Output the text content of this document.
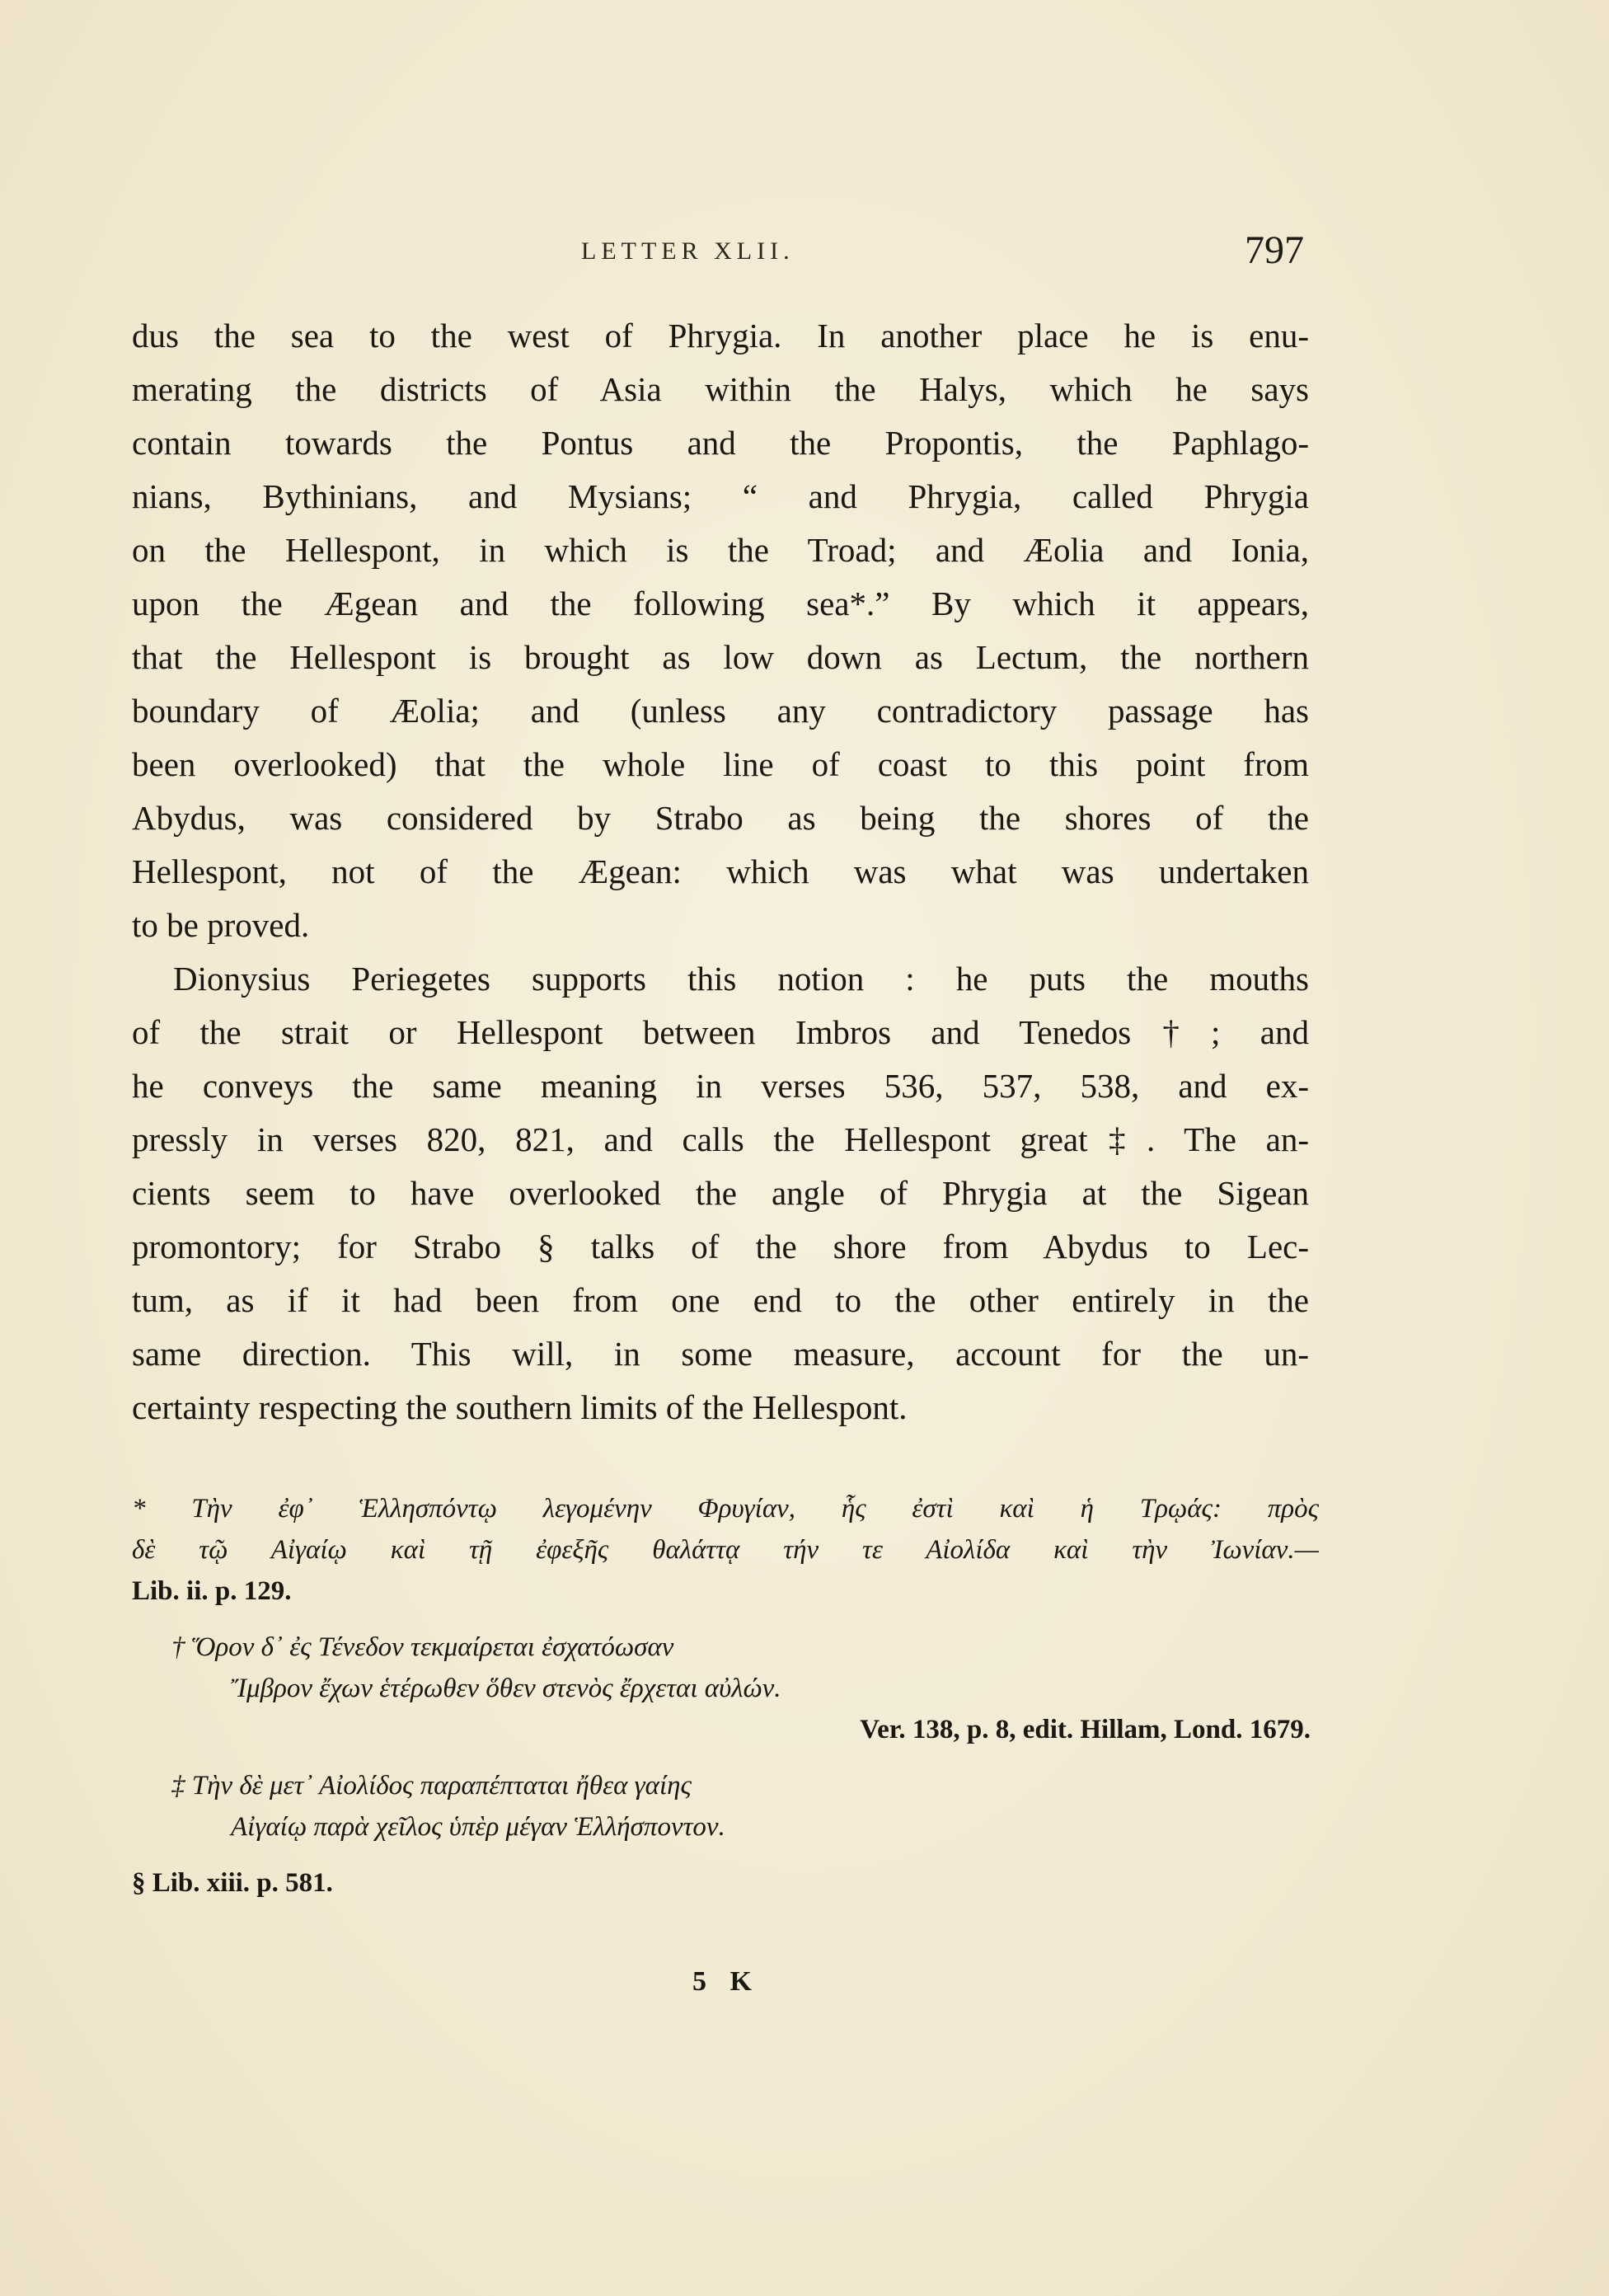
LETTER XLII.	797
dus the sea to the west of Phrygia. In another place he is enu-
merating the districts of Asia within the Halys, which he says
contain towards the Pontus and the Propontis, the Paphlago-
nians, Bythinians, and Mysians; “ and Phrygia, called Phrygia
on the Hellespont, in which is the Troad; and Æolia and Ionia,
upon the Ægean and the following sea*.” By which it appears,
that the Hellespont is brought as low down as Lectum, the northern
boundary of Æolia; and (unless any contradictory passage has
been overlooked) that the whole line of coast to this point from
Abydus, was considered by Strabo as being the shores of the
Hellespont, not of the Ægean: which was what was undertaken
to be proved.
Dionysius Periegetes supports this notion : he puts the mouths
of the strait or Hellespont between Imbros and Tenedos†; and
he conveys the same meaning in verses 536, 537, 538, and ex-
pressly in verses 820, 821, and calls the Hellespont great‡. The an-
cients seem to have overlooked the angle of Phrygia at the Sigean
promontory; for Strabo § talks of the shore from Abydus to Lec-
tum, as if it had been from one end to the other entirely in the
same direction. This will, in some measure, account for the un-
certainty respecting the southern limits of the Hellespont.
* Τὴν ἐφ᾽ Ἑλλησπόντῳ λεγομένην Φρυγίαν, ἧς ἐστὶ καὶ ἡ Τρῳάς: πρὸς
δὲ τῷ Αἰγαίῳ καὶ τῇ ἐφεξῆς θαλάττᾳ τήν τε Αἰολίδα καὶ τὴν Ἰωνίαν.—
Lib. ii. p. 129.
† Ὅρον δ᾽ ἐς Τένεδον τεκμαίρεται ἐσχατόωσαν
Ἴμβρον ἔχων ἑτέρωθεν ὅθεν στενὸς ἔρχεται αὐλών.
Ver. 138, p. 8, edit. Hillam, Lond. 1679.
‡ Τὴν δὲ μετ᾽ Αἰολίδος παραπέπταται ἤθεα γαίης
Αἰγαίῳ παρὰ χεῖλος ὑπὲρ μέγαν Ἑλλήσποντον.
§ Lib. xiii. p. 581.
5 K
